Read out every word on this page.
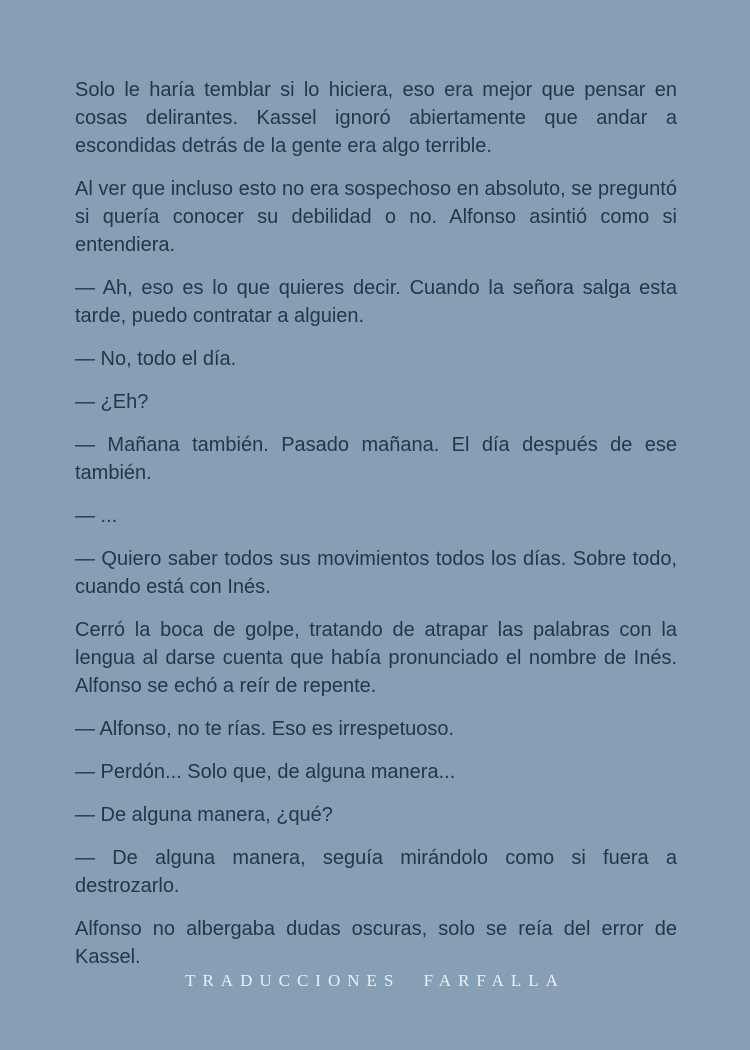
Solo le haría temblar si lo hiciera, eso era mejor que pensar en cosas delirantes. Kassel ignoró abiertamente que andar a escondidas detrás de la gente era algo terrible.

Al ver que incluso esto no era sospechoso en absoluto, se preguntó si quería conocer su debilidad o no. Alfonso asintió como si entendiera.

— Ah, eso es lo que quieres decir. Cuando la señora salga esta tarde, puedo contratar a alguien.

— No, todo el día.

— ¿Eh?

— Mañana también. Pasado mañana. El día después de ese también.

— ...

— Quiero saber todos sus movimientos todos los días. Sobre todo, cuando está con Inés.

Cerró la boca de golpe, tratando de atrapar las palabras con la lengua al darse cuenta que había pronunciado el nombre de Inés. Alfonso se echó a reír de repente.

— Alfonso, no te rías. Eso es irrespetuoso.

— Perdón... Solo que, de alguna manera...

— De alguna manera, ¿qué?

— De alguna manera, seguía mirándolo como si fuera a destrozarlo.

Alfonso no albergaba dudas oscuras, solo se reía del error de Kassel.

TRADUCCIONES FARFALLA
